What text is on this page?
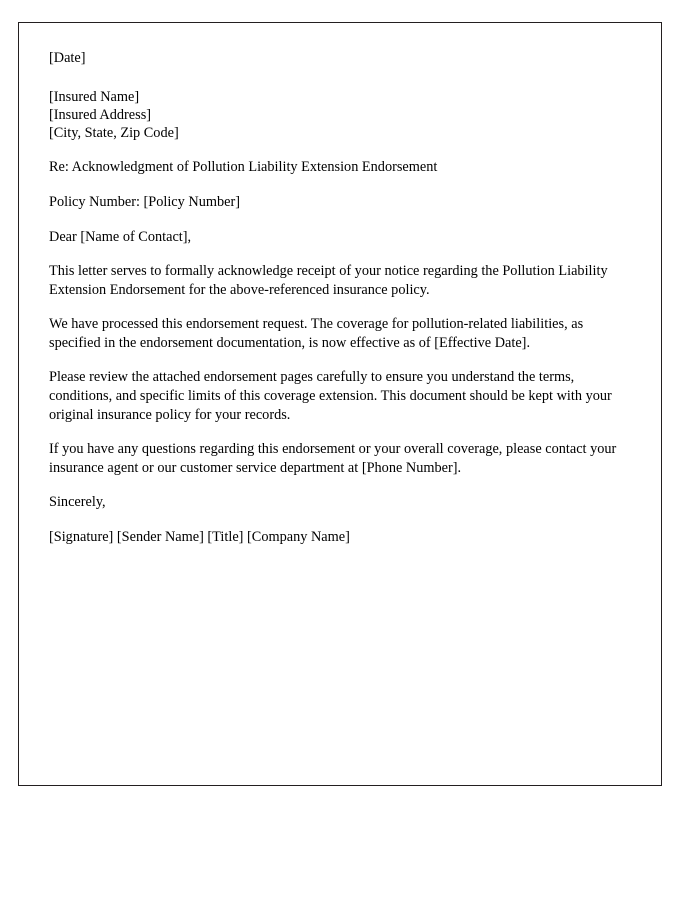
[Date]
[Insured Name]
[Insured Address]
[City, State, Zip Code]
Re: Acknowledgment of Pollution Liability Extension Endorsement
Policy Number: [Policy Number]
Dear [Name of Contact],

This letter serves to formally acknowledge receipt of your notice regarding the Pollution Liability Extension Endorsement for the above-referenced insurance policy.

We have processed this endorsement request. The coverage for pollution-related liabilities, as specified in the endorsement documentation, is now effective as of [Effective Date].

Please review the attached endorsement pages carefully to ensure you understand the terms, conditions, and specific limits of this coverage extension. This document should be kept with your original insurance policy for your records.

If you have any questions regarding this endorsement or your overall coverage, please contact your insurance agent or our customer service department at [Phone Number].

Sincerely,
[Signature] [Sender Name] [Title] [Company Name]
